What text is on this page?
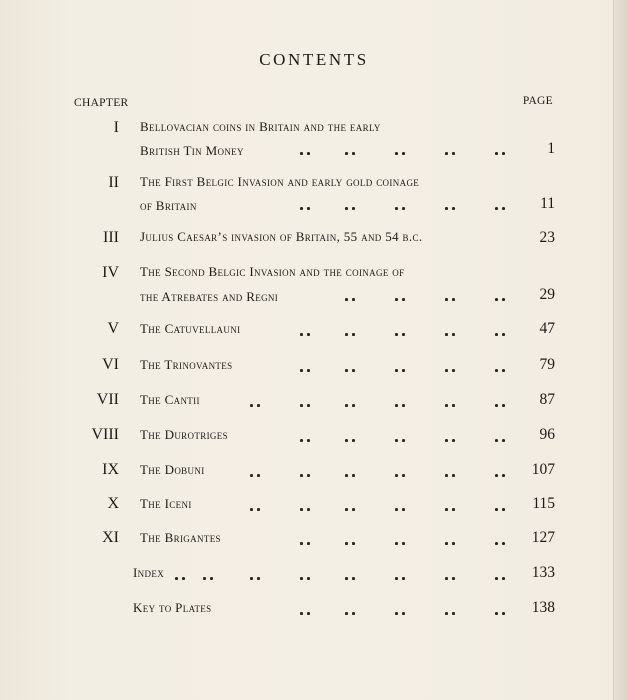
CONTENTS
CHAPTER	PAGE
I Bellovacian coins in Britain and the early
British Tin Money	1
II The First Belgic Invasion and early gold coinage
of Britain	11
III Julius Caesar’s invasion of Britain, 55 and 54 b.c.	23
IV The Second Belgic Invasion and the coinage of
the Atrebates and Regni	29
V The Catuvellauni	47
VI The Trinovantes	79
VII The Cantii	87
VIII The Durotriges	96
IX The Dobuni	107
X The Iceni	115
XI The Brigantes	127
Index	133
Key to Plates	138
